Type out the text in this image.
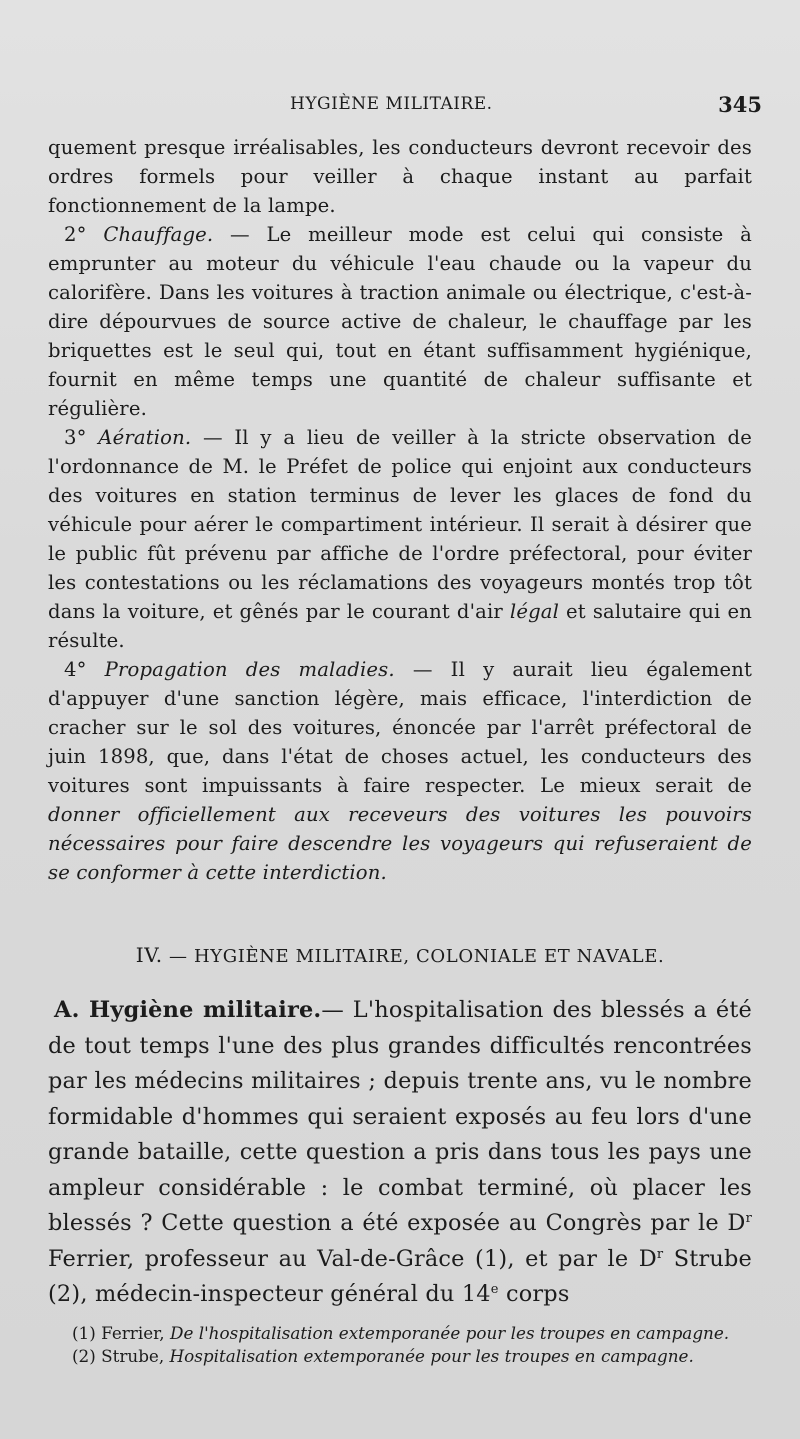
HYGIÈNE MILITAIRE.	345

quement presque irréalisables, les conducteurs devront recevoir des ordres formels pour veiller à chaque instant au parfait fonctionnement de la lampe.

2° Chauffage. — Le meilleur mode est celui qui consiste à emprunter au moteur du véhicule l'eau chaude ou la vapeur du calorifère. Dans les voitures à traction animale ou électrique, c'est-à-dire dépourvues de source active de chaleur, le chauffage par les briquettes est le seul qui, tout en étant suffisamment hygiénique, fournit en même temps une quantité de chaleur suffisante et régulière.

3° Aération. — Il y a lieu de veiller à la stricte observation de l'ordonnance de M. le Préfet de police qui enjoint aux conducteurs des voitures en station terminus de lever les glaces de fond du véhicule pour aérer le compartiment intérieur. Il serait à désirer que le public fût prévenu par affiche de l'ordre préfectoral, pour éviter les contestations ou les réclamations des voyageurs montés trop tôt dans la voiture, et gênés par le courant d'air légal et salutaire qui en résulte.

4° Propagation des maladies. — Il y aurait lieu également d'appuyer d'une sanction légère, mais efficace, l'interdiction de cracher sur le sol des voitures, énoncée par l'arrêt préfectoral de juin 1898, que, dans l'état de choses actuel, les conducteurs des voitures sont impuissants à faire respecter. Le mieux serait de donner officiellement aux receveurs des voitures les pouvoirs nécessaires pour faire descendre les voyageurs qui refuseraient de se conformer à cette interdiction.

IV. — HYGIÈNE MILITAIRE, COLONIALE ET NAVALE.

A. Hygiène militaire.— L'hospitalisation des blessés a été de tout temps l'une des plus grandes difficultés rencontrées par les médecins militaires ; depuis trente ans, vu le nombre formidable d'hommes qui seraient exposés au feu lors d'une grande bataille, cette question a pris dans tous les pays une ampleur considérable : le combat terminé, où placer les blessés ? Cette question a été exposée au Congrès par le $D^r$ Ferrier, professeur au Val-de-Grâce (1), et par le $D^r$ Strube (2), médecin-inspecteur général du 14e corps

(1) Ferrier, De l'hospitalisation extemporanée pour les troupes en campagne.

(2) Strube, Hospitalisation extemporanée pour les troupes en campagne.
